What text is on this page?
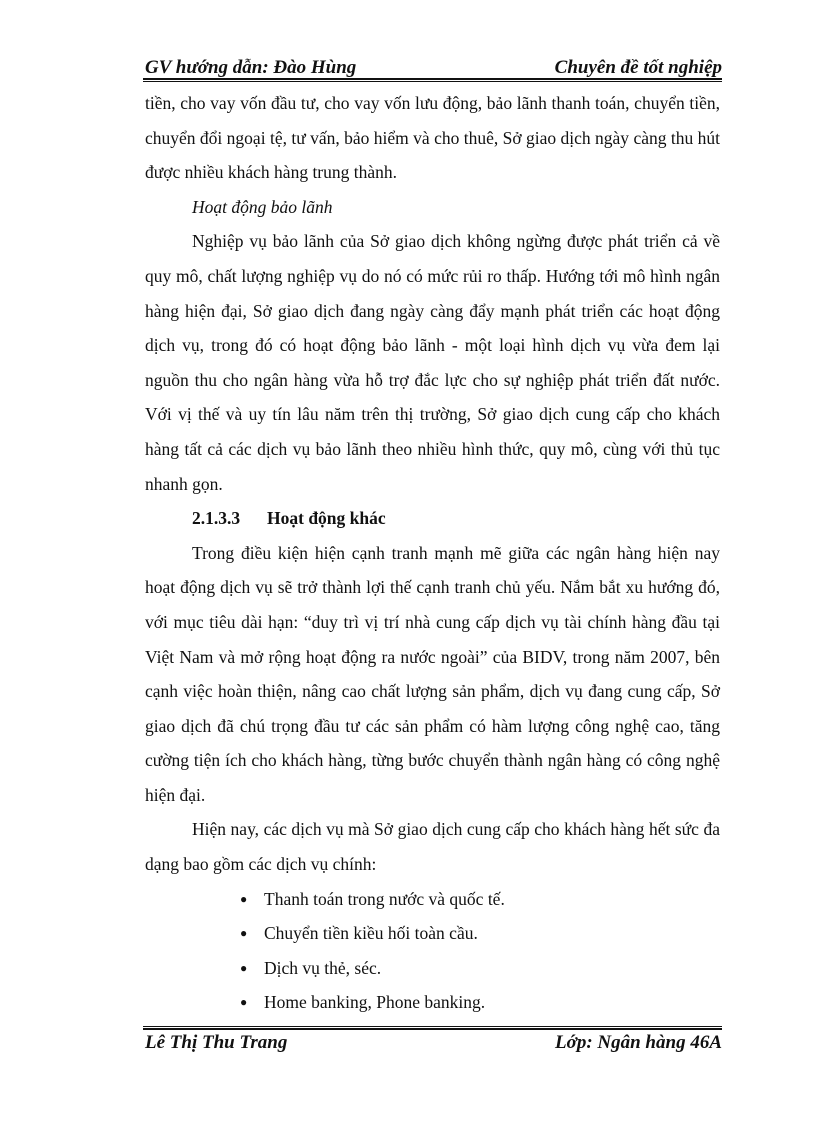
GV hướng dẫn: Đào Hùng	Chuyên đề tốt nghiệp

tiền, cho vay vốn đầu tư, cho vay vốn lưu động, bảo lãnh thanh toán, chuyển tiền, chuyển đổi ngoại tệ, tư vấn, bảo hiểm và cho thuê, Sở giao dịch ngày càng thu hút được nhiều khách hàng trung thành.

Hoạt động bảo lãnh

Nghiệp vụ bảo lãnh của Sở giao dịch không ngừng được phát triển cả về quy mô, chất lượng nghiệp vụ do nó có mức rủi ro thấp. Hướng tới mô hình ngân hàng hiện đại, Sở giao dịch đang ngày càng đẩy mạnh phát triển các hoạt động dịch vụ, trong đó có hoạt động bảo lãnh - một loại hình dịch vụ vừa đem lại nguồn thu cho ngân hàng vừa hỗ trợ đắc lực cho sự nghiệp phát triển đất nước. Với vị thế và uy tín lâu năm trên thị trường, Sở giao dịch cung cấp cho khách hàng tất cả các dịch vụ bảo lãnh theo nhiều hình thức, quy mô, cùng với thủ tục nhanh gọn.

2.1.3.3 Hoạt động khác

Trong điều kiện hiện cạnh tranh mạnh mẽ giữa các ngân hàng hiện nay hoạt động dịch vụ sẽ trở thành lợi thế cạnh tranh chủ yếu. Nắm bắt xu hướng đó, với mục tiêu dài hạn: “duy trì vị trí nhà cung cấp dịch vụ tài chính hàng đầu tại Việt Nam và mở rộng hoạt động ra nước ngoài” của BIDV, trong năm 2007, bên cạnh việc hoàn thiện, nâng cao chất lượng sản phẩm, dịch vụ đang cung cấp, Sở giao dịch đã chú trọng đầu tư các sản phẩm có hàm lượng công nghệ cao, tăng cường tiện ích cho khách hàng, từng bước chuyển thành ngân hàng có công nghệ hiện đại.

Hiện nay, các dịch vụ mà Sở giao dịch cung cấp cho khách hàng hết sức đa dạng bao gồm các dịch vụ chính:

● Thanh toán trong nước và quốc tế.
● Chuyển tiền kiều hối toàn cầu.
● Dịch vụ thẻ, séc.
● Home banking, Phone banking.
Lê Thị Thu Trang	Lớp: Ngân hàng 46A
